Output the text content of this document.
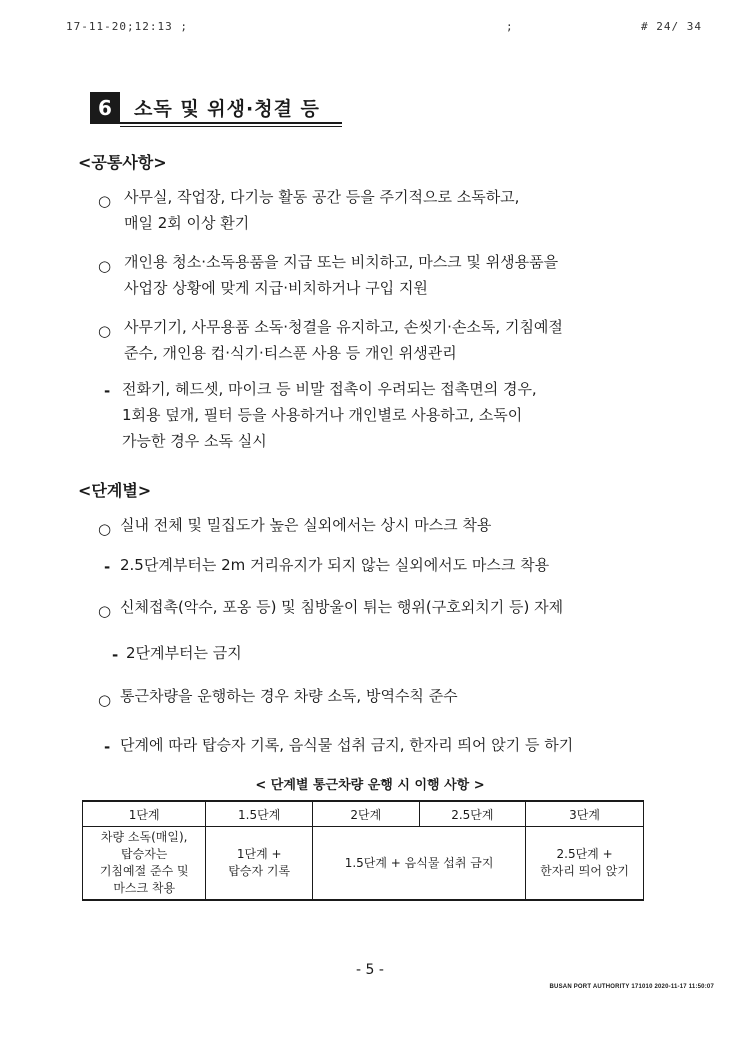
17-11-20;12:13 ;	;	# 24/ 34
6	소독 및 위생·청결 등
<공통사항>
○ 사무실, 작업장, 다기능 활동 공간 등을 주기적으로 소독하고,
매일 2회 이상 환기
○ 개인용 청소·소독용품을 지급 또는 비치하고, 마스크 및 위생용품을
사업장 상황에 맞게 지급·비치하거나 구입 지원
○ 사무기기, 사무용품 소독·청결을 유지하고, 손씻기·손소독, 기침예절
준수, 개인용 컵·식기·티스푼 사용 등 개인 위생관리
- 전화기, 헤드셋, 마이크 등 비말 접촉이 우려되는 접촉면의 경우,
1회용 덮개, 필터 등을 사용하거나 개인별로 사용하고, 소독이
가능한 경우 소독 실시
<단계별>
○ 실내 전체 및 밀집도가 높은 실외에서는 상시 마스크 착용
- 2.5단계부터는 2m 거리유지가 되지 않는 실외에서도 마스크 착용
○ 신체접촉(악수, 포옹 등) 및 침방울이 튀는 행위(구호외치기 등) 자제
- 2단계부터는 금지
○ 통근차량을 운행하는 경우 차량 소독, 방역수칙 준수
- 단계에 따라 탑승자 기록, 음식물 섭취 금지, 한자리 띄어 앉기 등 하기
< 단계별 통근차량 운행 시 이행 사항 >
1단계	1.5단계	2단계	2.5단계	3단계

차량 소독(매일),
탑승자는
기침예절 준수 및
마스크 착용	1단계 +
탑승자 기록	1.5단계 + 음식물 섭취 금지		2.5단계 +
한자리 띄어 앉기
- 5 -
BUSAN PORT AUTHORITY 171010 2020-11-17 11:50:07
